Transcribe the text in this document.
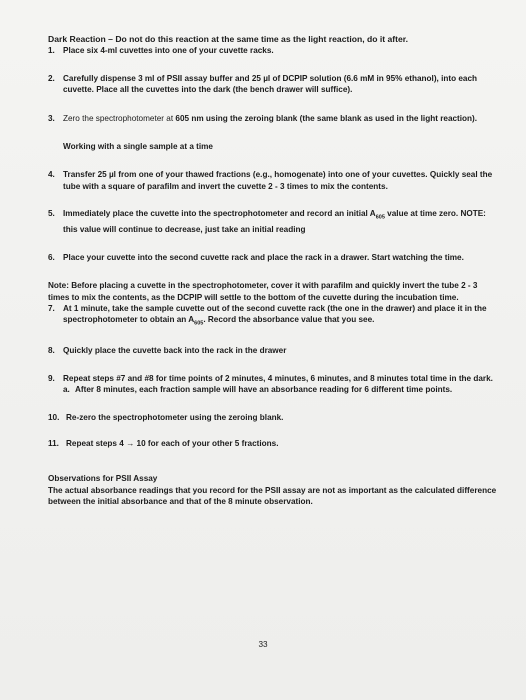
Dark Reaction – Do not do this reaction at the same time as the light reaction, do it after.

1. Place six 4-ml cuvettes into one of your cuvette racks.
2. Carefully dispense 3 ml of PSII assay buffer and 25 µl of DCPIP solution (6.6 mM in 95% ethanol), into each cuvette. Place all the cuvettes into the dark (the bench drawer will suffice).
3. Zero the spectrophotometer at 605 nm using the zeroing blank (the same blank as used in the light reaction).

Working with a single sample at a time

4. Transfer 25 µl from one of your thawed fractions (e.g., homogenate) into one of your cuvettes. Quickly seal the tube with a square of parafilm and invert the cuvette 2 - 3 times to mix the contents.
5. Immediately place the cuvette into the spectrophotometer and record an initial $A_{605}$ value at time zero. NOTE: this value will continue to decrease, just take an initial reading
6. Place your cuvette into the second cuvette rack and place the rack in a drawer. Start watching the time.

Note: Before placing a cuvette in the spectrophotometer, cover it with parafilm and quickly invert the tube 2 - 3 times to mix the contents, as the DCPIP will settle to the bottom of the cuvette during the incubation time.

7. At 1 minute, take the sample cuvette out of the second cuvette rack (the one in the drawer) and place it in the spectrophotometer to obtain an $A_{605}$. Record the absorbance value that you see.
8. Quickly place the cuvette back into the rack in the drawer
9. Repeat steps #7 and #8 for time points of 2 minutes, 4 minutes, 6 minutes, and 8 minutes total time in the dark.
a. After 8 minutes, each fraction sample will have an absorbance reading for 6 different time points.
10. Re-zero the spectrophotometer using the zeroing blank.
11. Repeat steps 4 → 10 for each of your other 5 fractions.

Observations for PSII Assay

The actual absorbance readings that you record for the PSII assay are not as important as the calculated difference between the initial absorbance and that of the 8 minute observation.

33
